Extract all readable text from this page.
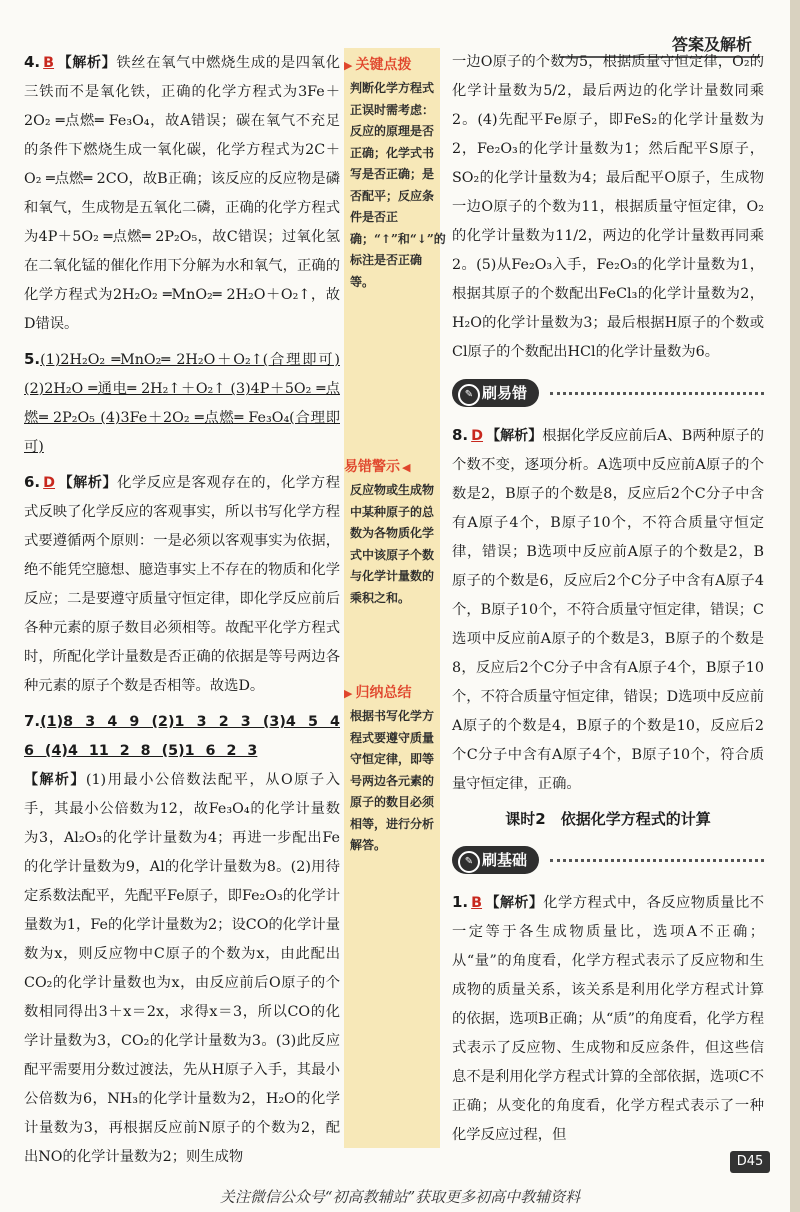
答案及解析
4. B 【解析】铁丝在氧气中燃烧生成的是四氧化三铁而不是氧化铁，正确的化学方程式为3Fe＋2O₂ ═点燃═ Fe₃O₄，故A错误；碳在氧气不充足的条件下燃烧生成一氧化碳，化学方程式为2C＋O₂ ═点燃═ 2CO，故B正确；该反应的反应物是磷和氧气，生成物是五氧化二磷，正确的化学方程式为4P＋5O₂ ═点燃═ 2P₂O₅，故C错误；过氧化氢在二氧化锰的催化作用下分解为水和氧气，正确的化学方程式为2H₂O₂ ═MnO₂═ 2H₂O＋O₂↑，故D错误。
5.(1)2H₂O₂ ═MnO₂═ 2H₂O＋O₂↑(合理即可) (2)2H₂O ═通电═ 2H₂↑＋O₂↑ (3)4P＋5O₂ ═点燃═ 2P₂O₅ (4)3Fe＋2O₂ ═点燃═ Fe₃O₄(合理即可)
6. D 【解析】化学反应是客观存在的，化学方程式反映了化学反应的客观事实，所以书写化学方程式要遵循两个原则：一是必须以客观事实为依据，绝不能凭空臆想、臆造事实上不存在的物质和化学反应；二是要遵守质量守恒定律，即化学反应前后各种元素的原子数目必须相等。故配平化学方程式时，所配化学计量数是否正确的依据是等号两边各种元素的原子个数是否相等。故选D。
7.(1)8 3 4 9 (2)1 3 2 3 (3)4 5 4 6 (4)4 11 2 8 (5)1 6 2 3
【解析】(1)用最小公倍数法配平，从O原子入手，其最小公倍数为12，故Fe₃O₄的化学计量数为3，Al₂O₃的化学计量数为4；再进一步配出Fe的化学计量数为9，Al的化学计量数为8。(2)用待定系数法配平，先配平Fe原子，即Fe₂O₃的化学计量数为1，Fe的化学计量数为2；设CO的化学计量数为x，则反应物中C原子的个数为x，由此配出CO₂的化学计量数也为x，由反应前后O原子的个数相同得出3＋x＝2x，求得x＝3，所以CO的化学计量数为3，CO₂的化学计量数为3。(3)此反应配平需要用分数过渡法，先从H原子入手，其最小公倍数为6，NH₃的化学计量数为2，H₂O的化学计量数为3，再根据反应前N原子的个数为2，配出NO的化学计量数为2；则生成物
▶ 关键点拨
判断化学方程式正误时需考虑：反应的原理是否正确；化学式书写是否正确；是否配平；反应条件是否正确；“↑”和“↓”的标注是否正确等。
易错警示 ◀
反应物或生成物中某种原子的总数为各物质化学式中该原子个数与化学计量数的乘积之和。
▶ 归纳总结
根据书写化学方程式要遵守质量守恒定律，即等号两边各元素的原子的数目必须相等，进行分析解答。
一边O原子的个数为5，根据质量守恒定律，O₂的化学计量数为5/2，最后两边的化学计量数同乘2。(4)先配平Fe原子，即FeS₂的化学计量数为2，Fe₂O₃的化学计量数为1；然后配平S原子，SO₂的化学计量数为4；最后配平O原子，生成物一边O原子的个数为11，根据质量守恒定律，O₂的化学计量数为11/2，两边的化学计量数再同乘2。(5)从Fe₂O₃入手，Fe₂O₃的化学计量数为1，根据其原子的个数配出FeCl₃的化学计量数为2，H₂O的化学计量数为3；最后根据H原子的个数或Cl原子的个数配出HCl的化学计量数为6。
✎ 刷易错
8. D 【解析】根据化学反应前后A、B两种原子的个数不变，逐项分析。A选项中反应前A原子的个数是2，B原子的个数是8，反应后2个C分子中含有A原子4个，B原子10个，不符合质量守恒定律，错误；B选项中反应前A原子的个数是2，B原子的个数是6，反应后2个C分子中含有A原子4个，B原子10个，不符合质量守恒定律，错误；C选项中反应前A原子的个数是3，B原子的个数是8，反应后2个C分子中含有A原子4个，B原子10个，不符合质量守恒定律，错误；D选项中反应前A原子的个数是4，B原子的个数是10，反应后2个C分子中含有A原子4个，B原子10个，符合质量守恒定律，正确。
课时2　依据化学方程式的计算
✎ 刷基础
1. B 【解析】化学方程式中，各反应物质量比不一定等于各生成物质量比，选项A不正确；从“量”的角度看，化学方程式表示了反应物和生成物的质量关系，该关系是利用化学方程式计算的依据，选项B正确；从“质”的角度看，化学方程式表示了反应物、生成物和反应条件，但这些信息不是利用化学方程式计算的全部依据，选项C不正确；从变化的角度看，化学方程式表示了一种化学反应过程，但
D45
关注微信公众号“初高教辅站”获取更多初高中教辅资料
